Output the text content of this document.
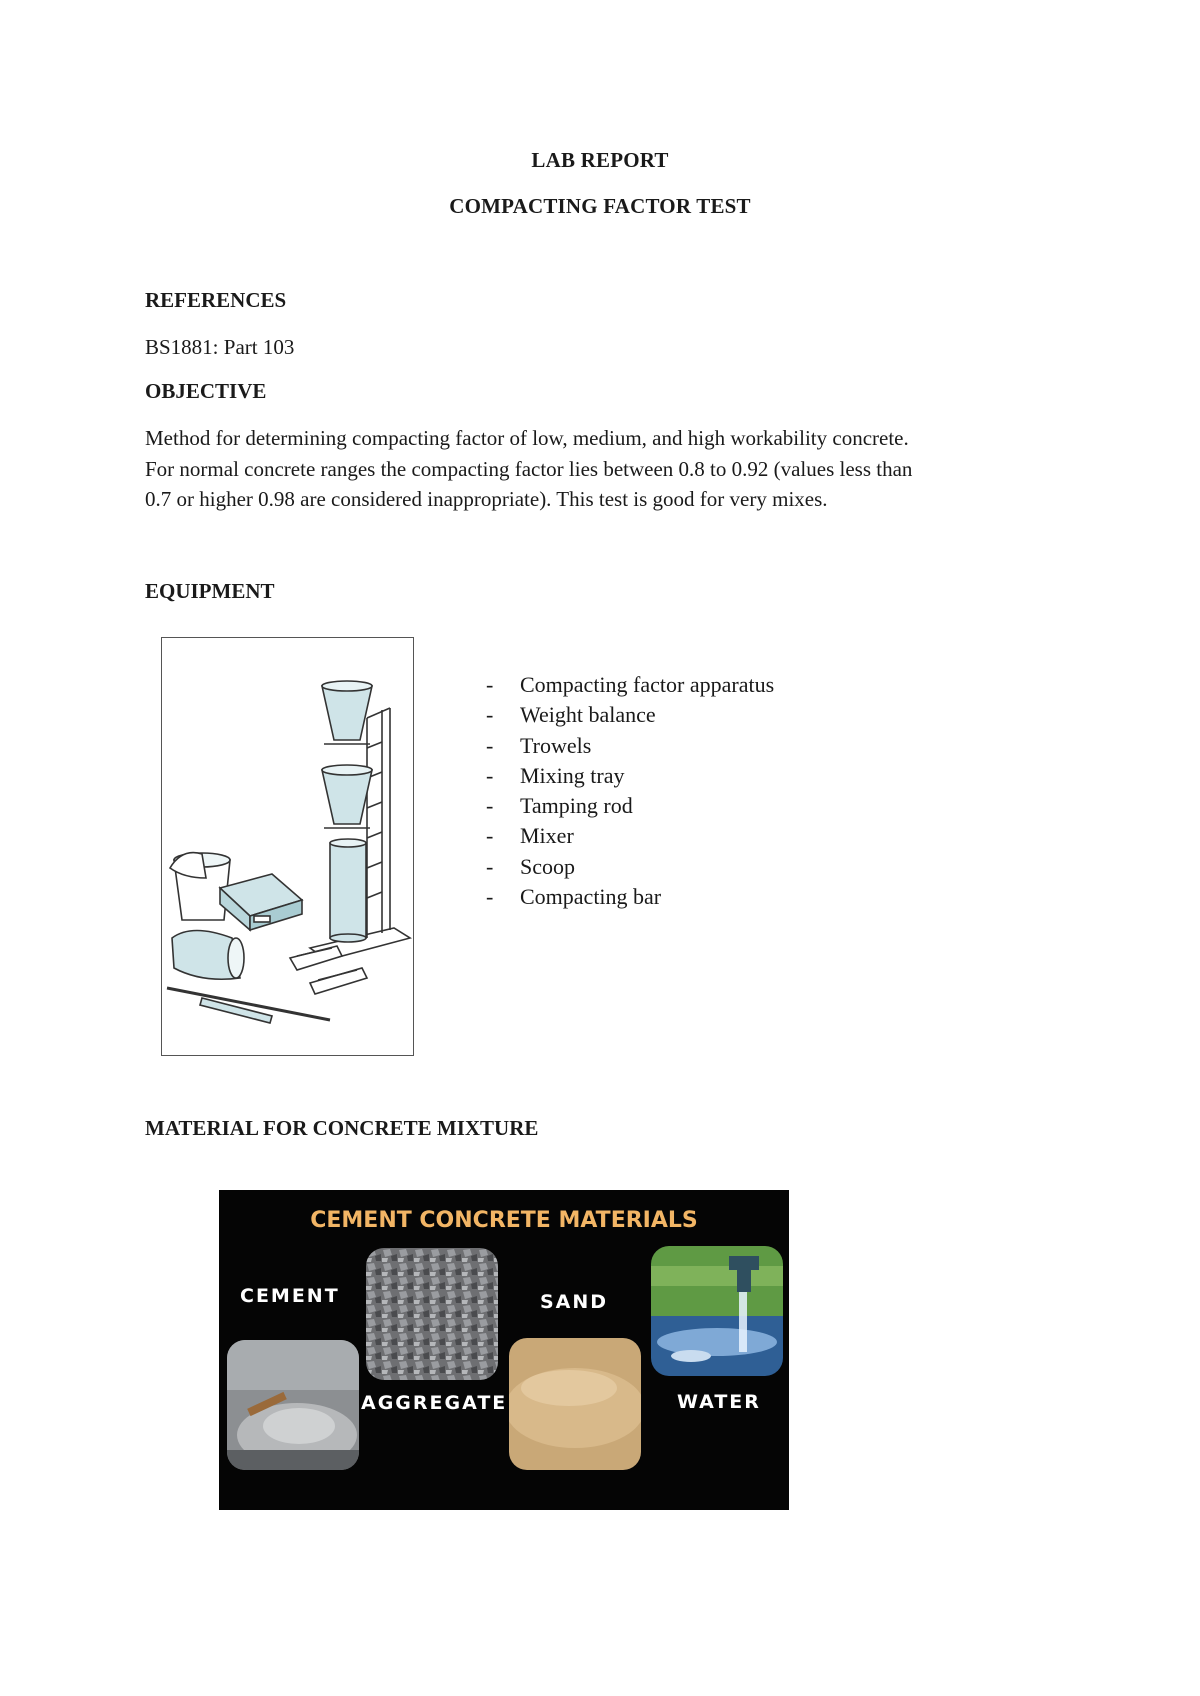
LAB REPORT
COMPACTING FACTOR TEST
REFERENCES
BS1881: Part 103
OBJECTIVE
Method for determining compacting factor of low, medium, and high workability concrete.
For normal concrete ranges the compacting factor lies between 0.8 to 0.92 (values less than
0.7 or higher 0.98 are considered inappropriate). This test is good for very mixes.
EQUIPMENT
-	Compacting factor apparatus
-	Weight balance
-	Trowels
-	Mixing tray
-	Tamping rod
-	Mixer
-	Scoop
-	Compacting bar
MATERIAL FOR CONCRETE MIXTURE
CEMENT CONCRETE MATERIALS
CEMENT	SAND
AGGREGATE	WATER
